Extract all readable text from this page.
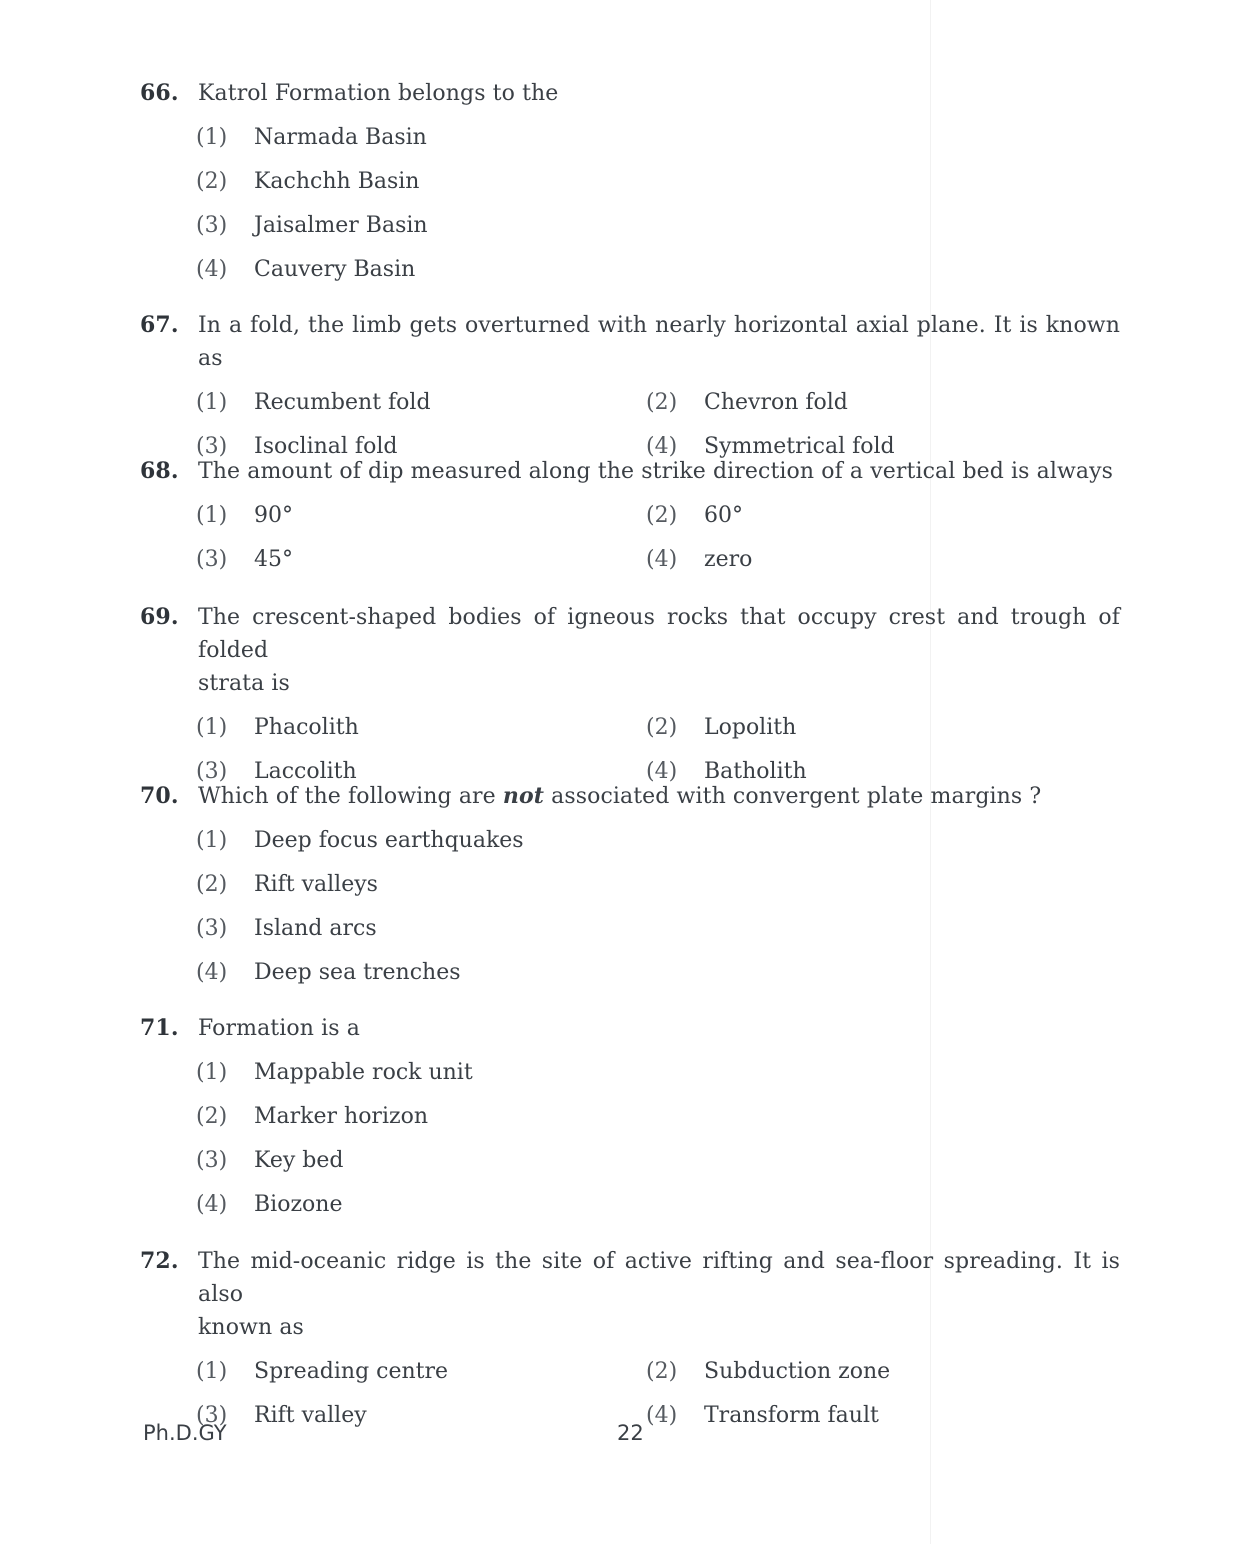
66. Katrol Formation belongs to the
(1)	Narmada Basin
(2)	Kachchh Basin
(3)	Jaisalmer Basin
(4)	Cauvery Basin
67. In a fold, the limb gets overturned with nearly horizontal axial plane. It is known as
(1)	Recumbent fold	(2)	Chevron fold
(3)	Isoclinal fold	(4)	Symmetrical fold
68. The amount of dip measured along the strike direction of a vertical bed is always
(1)	90°	(2)	60°
(3)	45°	(4)	zero
69. The crescent-shaped bodies of igneous rocks that occupy crest and trough of folded
strata is
(1)	Phacolith	(2)	Lopolith
(3)	Laccolith	(4)	Batholith
70. Which of the following are not associated with convergent plate margins ?
(1)	Deep focus earthquakes
(2)	Rift valleys
(3)	Island arcs
(4)	Deep sea trenches
71. Formation is a
(1)	Mappable rock unit
(2)	Marker horizon
(3)	Key bed
(4)	Biozone
72. The mid-oceanic ridge is the site of active rifting and sea-floor spreading. It is also
known as
(1)	Spreading centre	(2)	Subduction zone
(3)	Rift valley	(4)	Transform fault
Ph.D.GY	22
